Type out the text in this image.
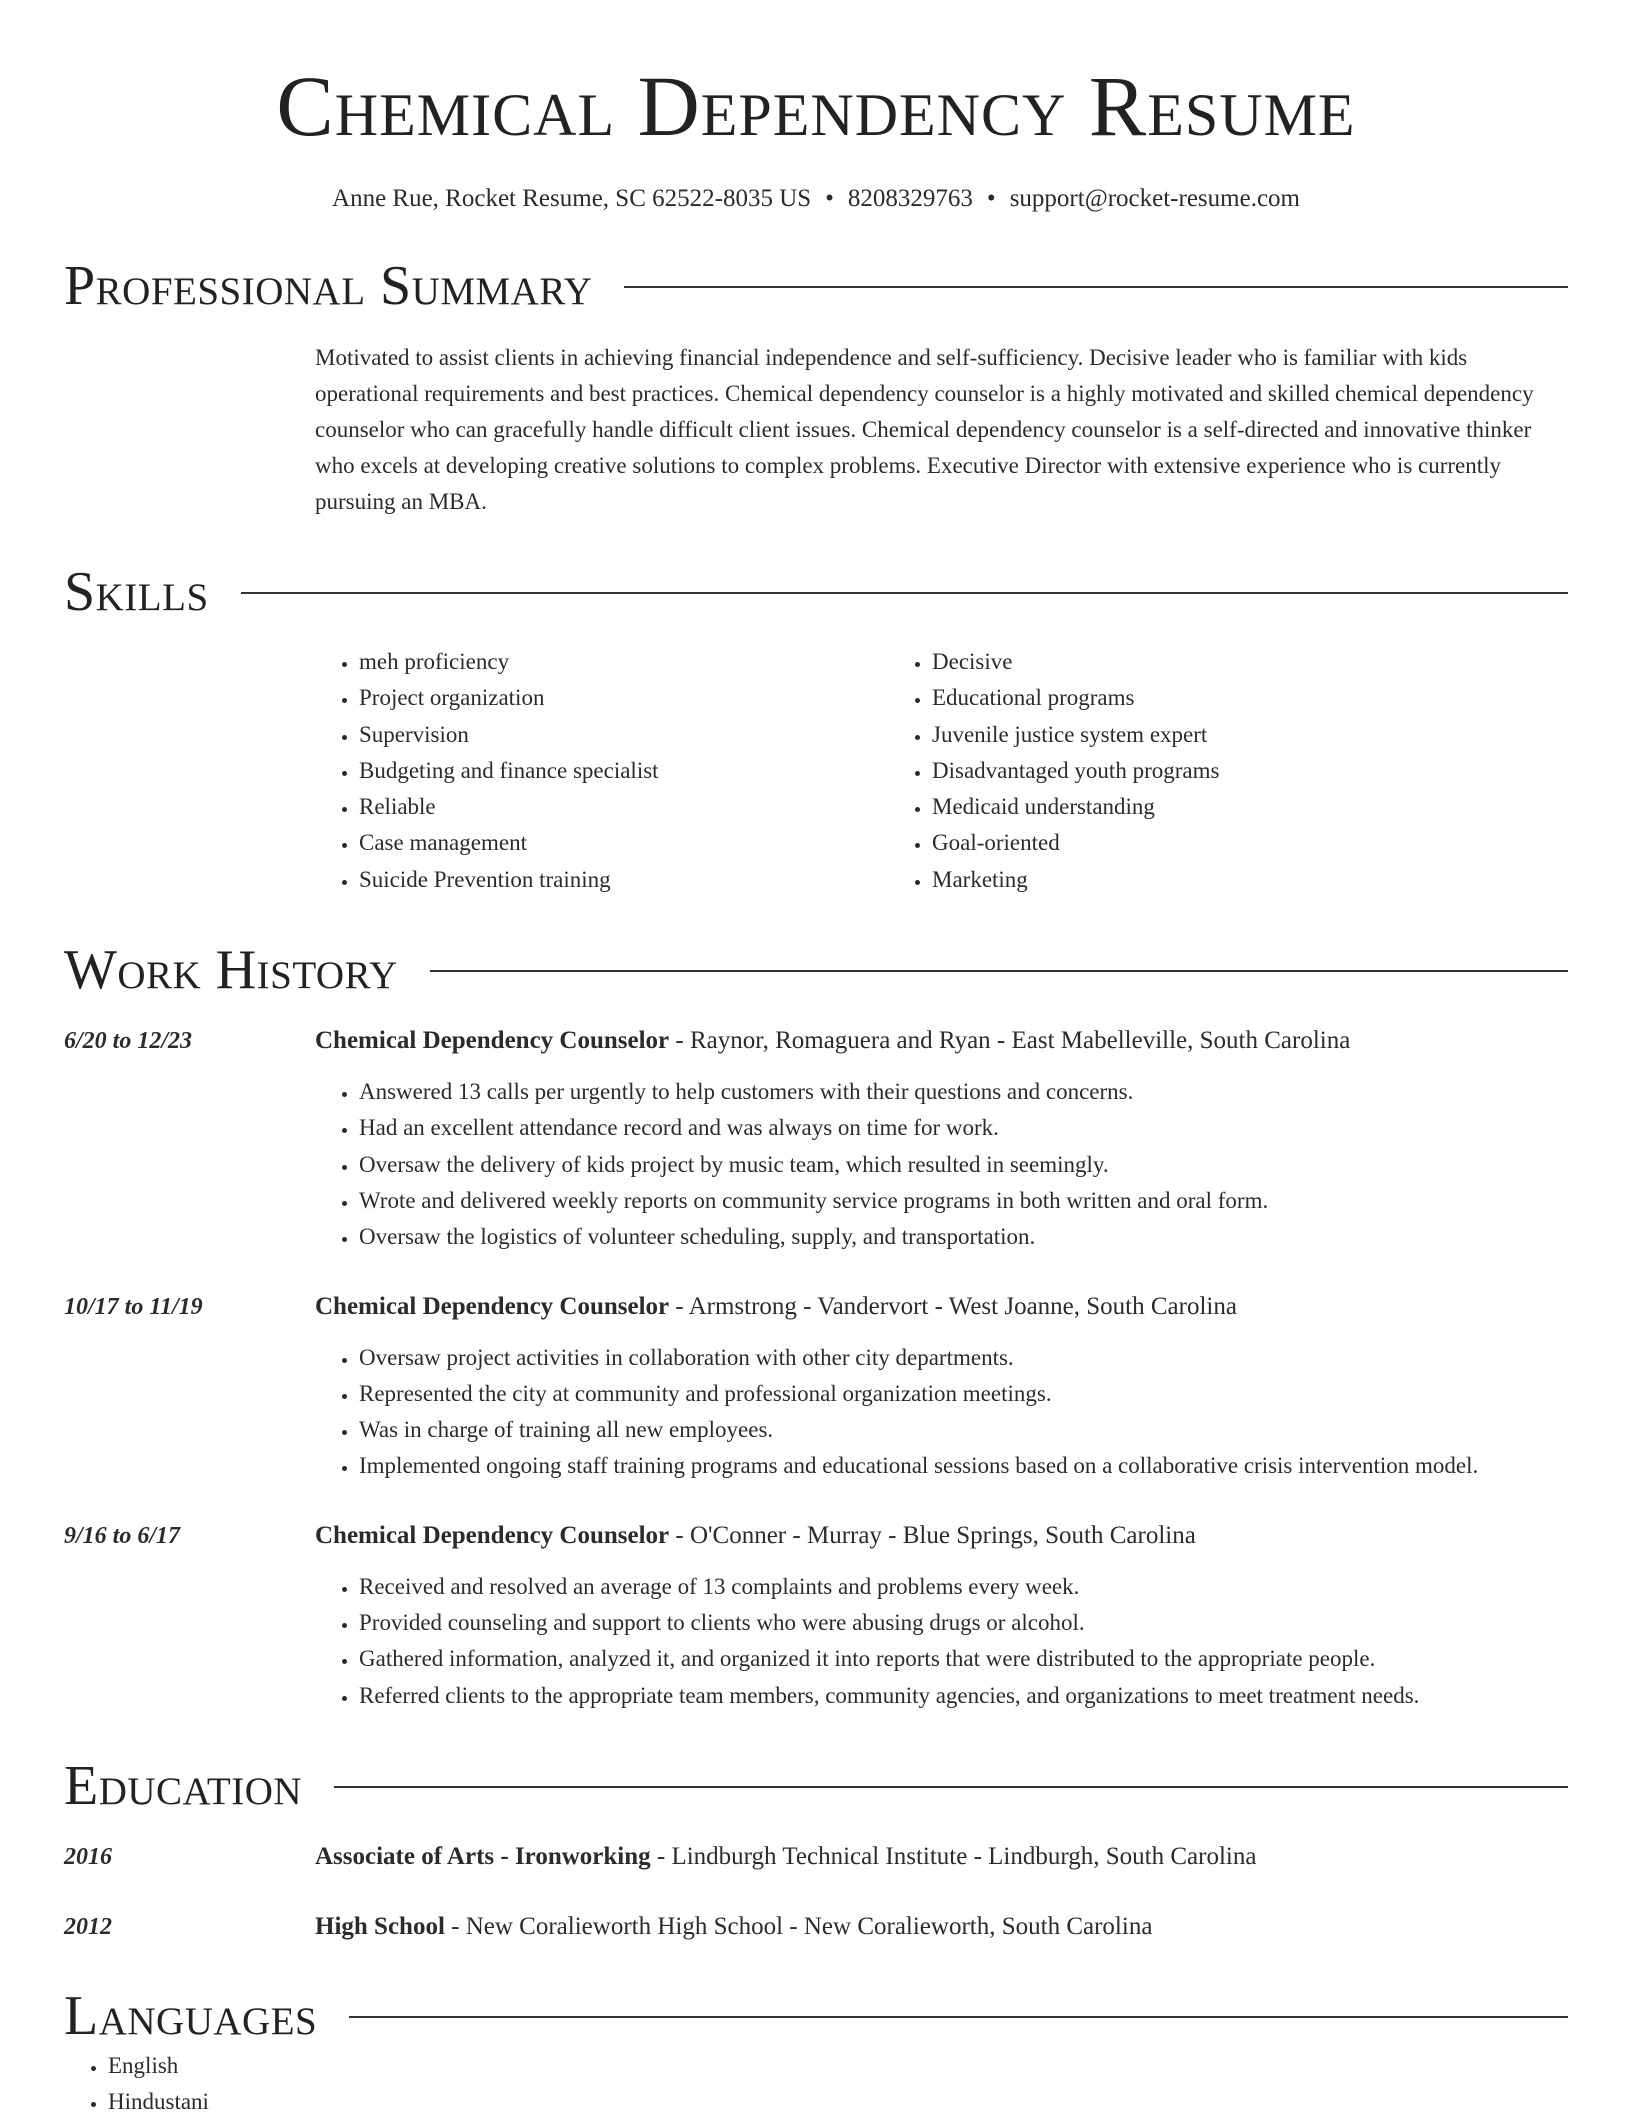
Chemical Dependency Resume
Anne Rue, Rocket Resume, SC 62522-8035 US • 8208329763 • support@rocket-resume.com
Professional Summary

Motivated to assist clients in achieving financial independence and self-sufficiency. Decisive leader who is familiar with kids operational requirements and best practices. Chemical dependency counselor is a highly motivated and skilled chemical dependency counselor who can gracefully handle difficult client issues. Chemical dependency counselor is a self-directed and innovative thinker who excels at developing creative solutions to complex problems. Executive Director with extensive experience who is currently pursuing an MBA.

Skills
• meh proficiency
• Project organization
• Supervision
• Budgeting and finance specialist
• Reliable
• Case management
• Suicide Prevention training
• Decisive
• Educational programs
• Juvenile justice system expert
• Disadvantaged youth programs
• Medicaid understanding
• Goal-oriented
• Marketing
Work History
6/20 to 12/23	Chemical Dependency Counselor - Raynor, Romaguera and Ryan - East Mabelleville, South Carolina
• Answered 13 calls per urgently to help customers with their questions and concerns.
• Had an excellent attendance record and was always on time for work.
• Oversaw the delivery of kids project by music team, which resulted in seemingly.
• Wrote and delivered weekly reports on community service programs in both written and oral form.
• Oversaw the logistics of volunteer scheduling, supply, and transportation.
10/17 to 11/19	Chemical Dependency Counselor - Armstrong - Vandervort - West Joanne, South Carolina
• Oversaw project activities in collaboration with other city departments.
• Represented the city at community and professional organization meetings.
• Was in charge of training all new employees.
• Implemented ongoing staff training programs and educational sessions based on a collaborative crisis intervention model.
9/16 to 6/17	Chemical Dependency Counselor - O'Conner - Murray - Blue Springs, South Carolina
• Received and resolved an average of 13 complaints and problems every week.
• Provided counseling and support to clients who were abusing drugs or alcohol.
• Gathered information, analyzed it, and organized it into reports that were distributed to the appropriate people.
• Referred clients to the appropriate team members, community agencies, and organizations to meet treatment needs.
Education
2016	Associate of Arts - Ironworking - Lindburgh Technical Institute - Lindburgh, South Carolina
2012	High School - New Coralieworth High School - New Coralieworth, South Carolina
Languages
• English
• Hindustani
